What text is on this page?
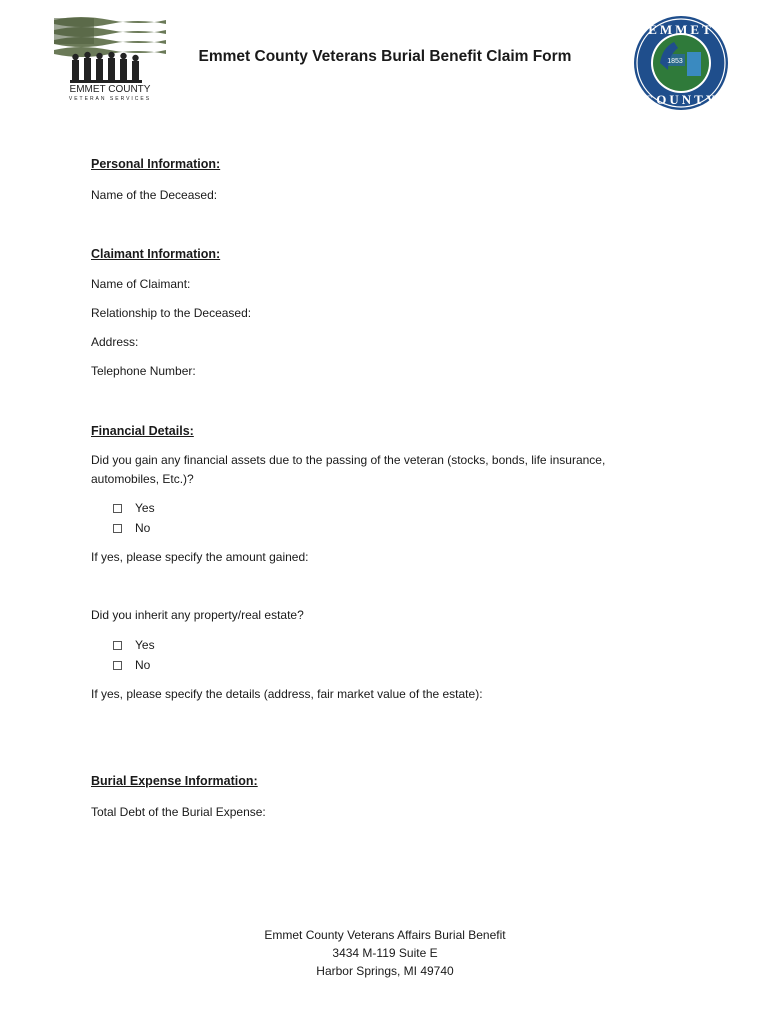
EMMET COUNTY
VETERAN SERVICES
Emmet County Veterans Burial Benefit Claim Form	1853
EMMET
COUNTY
Personal Information:
Name of the Deceased:
Claimant Information:
Name of Claimant:
Relationship to the Deceased:
Address:
Telephone Number:
Financial Details:
Did you gain any financial assets due to the passing of the veteran (stocks, bonds, life insurance,
automobiles, Etc.)?
Yes
No
If yes, please specify the amount gained:
Did you inherit any property/real estate?
Yes
No
If yes, please specify the details (address, fair market value of the estate):
Burial Expense Information:
Total Debt of the Burial Expense:
Emmet County Veterans Affairs Burial Benefit
3434 M-119 Suite E
Harbor Springs, MI 49740
